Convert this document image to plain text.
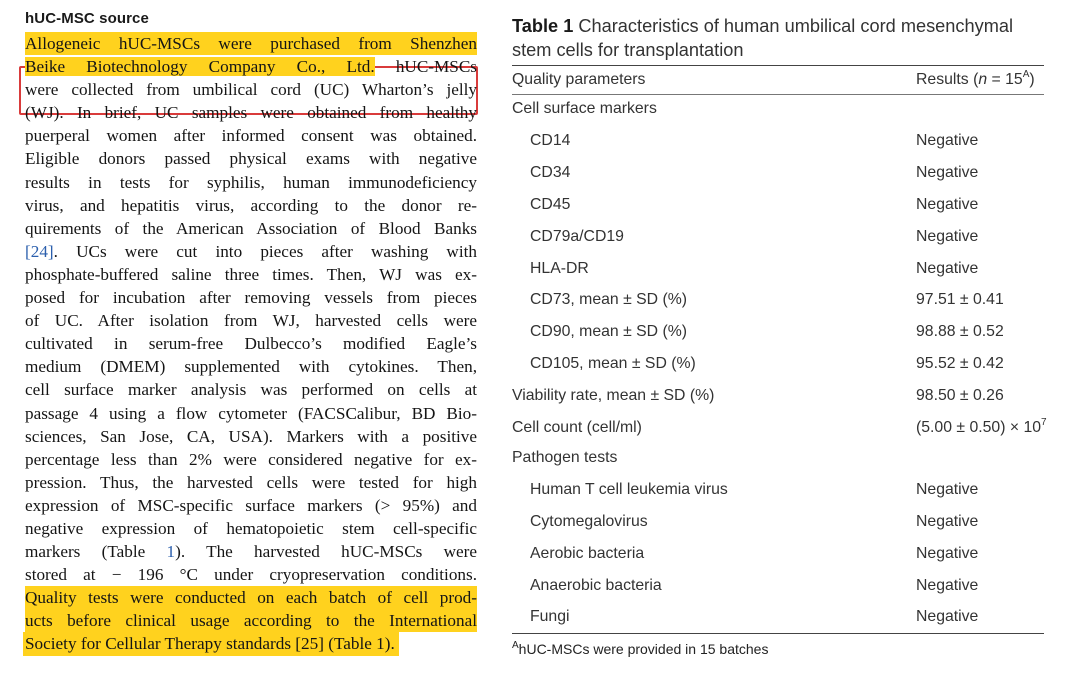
hUC-MSC source
Allogeneic hUC-MSCs were purchased from Shenzhen
Beike Biotechnology Company Co., Ltd. hUC-MSCs
were collected from umbilical cord (UC) Wharton’s jelly
(WJ). In brief, UC samples were obtained from healthy
puerperal women after informed consent was obtained.
Eligible donors passed physical exams with negative
results in tests for syphilis, human immunodeficiency
virus, and hepatitis virus, according to the donor re-
quirements of the American Association of Blood Banks
[24]. UCs were cut into pieces after washing with
phosphate-buffered saline three times. Then, WJ was ex-
posed for incubation after removing vessels from pieces
of UC. After isolation from WJ, harvested cells were
cultivated in serum-free Dulbecco’s modified Eagle’s
medium (DMEM) supplemented with cytokines. Then,
cell surface marker analysis was performed on cells at
passage 4 using a flow cytometer (FACSCalibur, BD Bio-
sciences, San Jose, CA, USA). Markers with a positive
percentage less than 2% were considered negative for ex-
pression. Thus, the harvested cells were tested for high
expression of MSC-specific surface markers (> 95%) and
negative expression of hematopoietic stem cell-specific
markers (Table 1). The harvested hUC-MSCs were
stored at − 196 °C under cryopreservation conditions.
Quality tests were conducted on each batch of cell prod-
ucts before clinical usage according to the International
Society for Cellular Therapy standards [25] (Table 1).
Table 1 Characteristics of human umbilical cord mesenchymal
stem cells for transplantation
Quality parameters	Results $(n = 15^A)$
Cell surface markers
CD14	Negative
CD34	Negative
CD45	Negative
CD79a/CD19	Negative
HLA-DR	Negative
CD73, mean ± SD (%)	97.51 ± 0.41
CD90, mean ± SD (%)	98.88 ± 0.52
CD105, mean ± SD (%)	95.52 ± 0.42
Viability rate, mean ± SD (%)	98.50 ± 0.26
Cell count (cell/ml)	$(5.00 \pm 0.50) \times 10^7$
Pathogen tests
Human T cell leukemia virus	Negative
Cytomegalovirus	Negative
Aerobic bacteria	Negative
Anaerobic bacteria	Negative
Fungi	Negative
$^A$hUC-MSCs were provided in 15 batches
